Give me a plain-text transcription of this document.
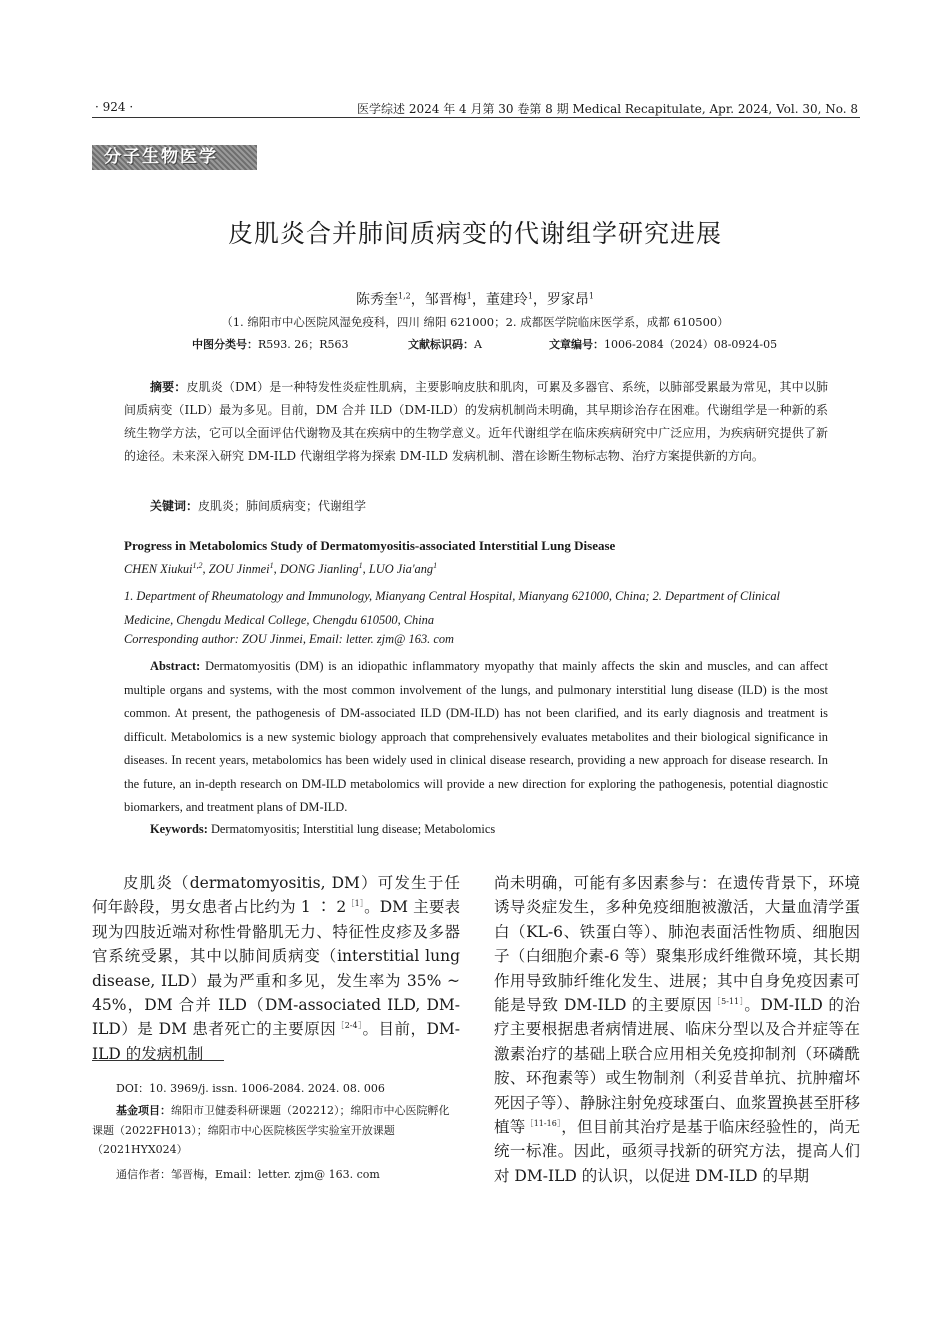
· 924 ·	医学综述 2024 年 4 月第 30 卷第 8 期 Medical Recapitulate, Apr. 2024, Vol. 30, No. 8
分子生物医学
皮肌炎合并肺间质病变的代谢组学研究进展
陈秀奎$^{1,2}$，邹晋梅$^1$，董建玲$^1$，罗家昂$^1$
（1. 绵阳市中心医院风湿免疫科，四川 绵阳 621000；2. 成都医学院临床医学系，成都 610500）
中图分类号：R593. 26；R563	文献标识码：A	文章编号：1006-2084（2024）08-0924-05
摘要：皮肌炎（DM）是一种特发性炎症性肌病，主要影响皮肤和肌肉，可累及多器官、系统，以肺部受累最为常见，其中以肺间质病变（ILD）最为多见。目前，DM 合并 ILD（DM-ILD）的发病机制尚未明确，其早期诊治存在困难。代谢组学是一种新的系统生物学方法，它可以全面评估代谢物及其在疾病中的生物学意义。近年代谢组学在临床疾病研究中广泛应用，为疾病研究提供了新的途径。未来深入研究 DM-ILD 代谢组学将为探索 DM-ILD 发病机制、潜在诊断生物标志物、治疗方案提供新的方向。
关键词：皮肌炎；肺间质病变；代谢组学
Progress in Metabolomics Study of Dermatomyositis-associated Interstitial Lung Disease
CHEN Xiukui$^{1,2}$, ZOU Jinmei$^1$, DONG Jianling$^1$, LUO Jia'ang$^1$
1. Department of Rheumatology and Immunology, Mianyang Central Hospital, Mianyang 621000, China; 2. Department of Clinical Medicine, Chengdu Medical College, Chengdu 610500, China
Corresponding author: ZOU Jinmei, Email: letter. zjm@ 163. com
Abstract: Dermatomyositis (DM) is an idiopathic inflammatory myopathy that mainly affects the skin and muscles, and can affect multiple organs and systems, with the most common involvement of the lungs, and pulmonary interstitial lung disease (ILD) is the most common. At present, the pathogenesis of DM-associated ILD (DM-ILD) has not been clarified, and its early diagnosis and treatment is difficult. Metabolomics is a new systemic biology approach that comprehensively evaluates metabolites and their biological significance in diseases. In recent years, metabolomics has been widely used in clinical disease research, providing a new approach for disease research. In the future, an in-depth research on DM-ILD metabolomics will provide a new direction for exploring the pathogenesis, potential diagnostic biomarkers, and treatment plans of DM-ILD.
Keywords: Dermatomyositis; Interstitial lung disease; Metabolomics
皮肌炎（dermatomyositis, DM）可发生于任何年龄段，男女患者占比约为 1 ∶ $2^{[1]}$。DM 主要表现为四肢近端对称性骨骼肌无力、特征性皮疹及多器官系统受累，其中以肺间质病变（interstitial lung disease, ILD）最为严重和多见，发生率为 35% ~ 45%，DM 合并 ILD（DM-associated ILD, DM-ILD）是 DM 患者死亡的主要原因$^{[2-4]}$。目前，DM-ILD 的发病机制
尚未明确，可能有多因素参与：在遗传背景下，环境诱导炎症发生，多种免疫细胞被激活，大量血清学蛋白（KL-6、铁蛋白等）、肺泡表面活性物质、细胞因子（白细胞介素-6 等）聚集形成纤维微环境，其长期作用导致肺纤维化发生、进展；其中自身免疫因素可能是导致 DM-ILD 的主要原因$^{[5-11]}$。DM-ILD 的治疗主要根据患者病情进展、临床分型以及合并症等在激素治疗的基础上联合应用相关免疫抑制剂（环磷酰胺、环孢素等）或生物制剂（利妥昔单抗、抗肿瘤坏死因子等）、静脉注射免疫球蛋白、血浆置换甚至肝移植等$^{[11-16]}$，但目前其治疗是基于临床经验性的，尚无统一标准。因此，亟须寻找新的研究方法，提高人们对 DM-ILD 的认识，以促进 DM-ILD 的早期
DOI：10. 3969/j. issn. 1006-2084. 2024. 08. 006
基金项目：绵阳市卫健委科研课题（202212）；绵阳市中心医院孵化课题（2022FH013）；绵阳市中心医院核医学实验室开放课题（2021HYX024）
通信作者：邹晋梅，Email：letter. zjm@ 163. com
